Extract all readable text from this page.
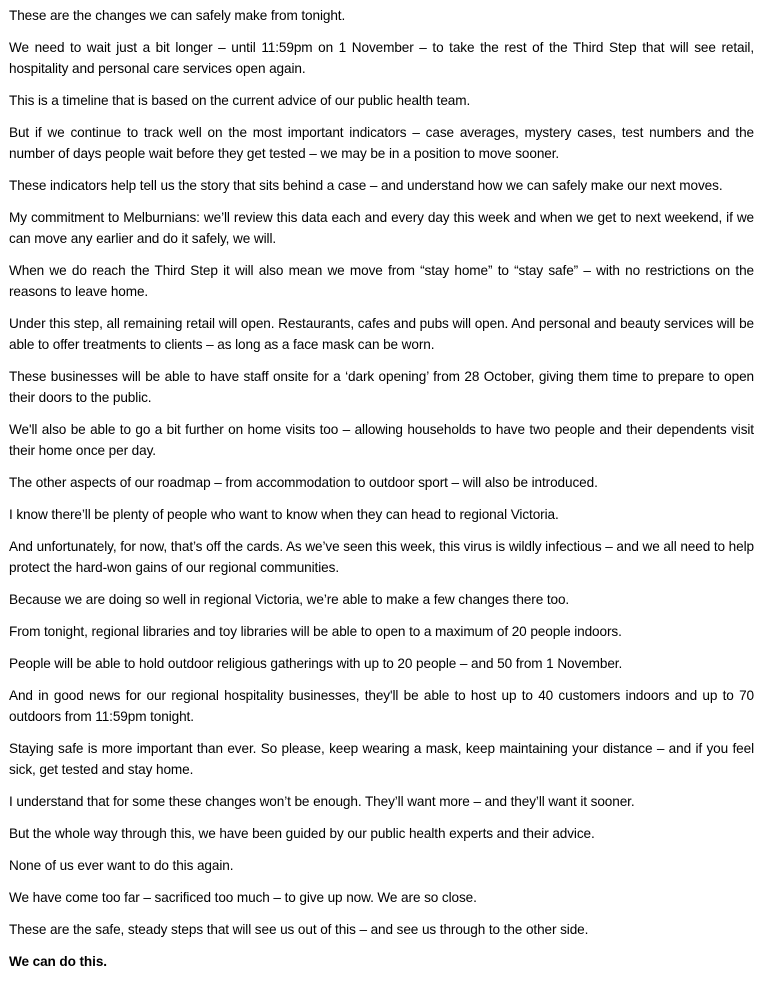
These are the changes we can safely make from tonight.

We need to wait just a bit longer – until 11:59pm on 1 November – to take the rest of the Third Step that will see retail, hospitality and personal care services open again.

This is a timeline that is based on the current advice of our public health team.

But if we continue to track well on the most important indicators – case averages, mystery cases, test numbers and the number of days people wait before they get tested – we may be in a position to move sooner.

These indicators help tell us the story that sits behind a case – and understand how we can safely make our next moves.

My commitment to Melburnians: we’ll review this data each and every day this week and when we get to next weekend, if we can move any earlier and do it safely, we will.

When we do reach the Third Step it will also mean we move from “stay home” to “stay safe” – with no restrictions on the reasons to leave home.

Under this step, all remaining retail will open. Restaurants, cafes and pubs will open. And personal and beauty services will be able to offer treatments to clients – as long as a face mask can be worn.

These businesses will be able to have staff onsite for a ‘dark opening’ from 28 October, giving them time to prepare to open their doors to the public.

We'll also be able to go a bit further on home visits too – allowing households to have two people and their dependents visit their home once per day.

The other aspects of our roadmap – from accommodation to outdoor sport – will also be introduced.

I know there’ll be plenty of people who want to know when they can head to regional Victoria.

And unfortunately, for now, that’s off the cards. As we’ve seen this week, this virus is wildly infectious – and we all need to help protect the hard-won gains of our regional communities.

Because we are doing so well in regional Victoria, we’re able to make a few changes there too.

From tonight, regional libraries and toy libraries will be able to open to a maximum of 20 people indoors.

People will be able to hold outdoor religious gatherings with up to 20 people – and 50 from 1 November.

And in good news for our regional hospitality businesses, they'll be able to host up to 40 customers indoors and up to 70 outdoors from 11:59pm tonight.

Staying safe is more important than ever. So please, keep wearing a mask, keep maintaining your distance – and if you feel sick, get tested and stay home.

I understand that for some these changes won’t be enough. They’ll want more – and they’ll want it sooner.

But the whole way through this, we have been guided by our public health experts and their advice.

None of us ever want to do this again.

We have come too far – sacrificed too much – to give up now. We are so close.

These are the safe, steady steps that will see us out of this – and see us through to the other side.

We can do this.
